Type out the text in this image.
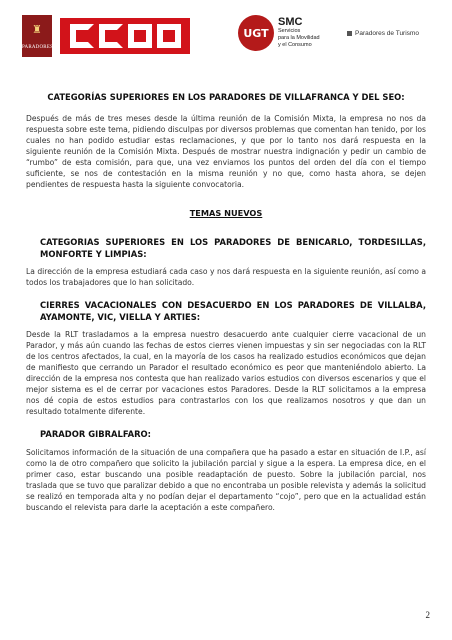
♜
PARADORES
UGT
SMC
Servicios
para la Movilidad
y el Consumo
Paradores de Turismo

CATEGORÍAS SUPERIORES EN LOS PARADORES DE VILLAFRANCA Y DEL SEO:

Después de más de tres meses desde la última reunión de la Comisión Mixta, la empresa no nos da respuesta sobre este tema, pidiendo disculpas por diversos problemas que comentan han tenido, por los cuales no han podido estudiar estas reclamaciones, y que por lo tanto nos dará respuesta en la siguiente reunión de la Comisión Mixta. Después de mostrar nuestra indignación y pedir un cambio de “rumbo” de esta comisión, para que, una vez enviamos los puntos del orden del día con el tiempo suficiente, se nos de contestación en la misma reunión y no que, como hasta ahora, se dejen pendientes de respuesta hasta la siguiente convocatoria.

TEMAS NUEVOS

CATEGORIAS SUPERIORES EN LOS PARADORES DE BENICARLO, TORDESILLAS, MONFORTE Y LIMPIAS:

La dirección de la empresa estudiará cada caso y nos dará respuesta en la siguiente reunión, así como a todos los trabajadores que lo han solicitado.

CIERRES VACACIONALES CON DESACUERDO EN LOS PARADORES DE VILLALBA, AYAMONTE, VIC, VIELLA Y ARTIES:

Desde la RLT trasladamos a la empresa nuestro desacuerdo ante cualquier cierre vacacional de un Parador, y más aún cuando las fechas de estos cierres vienen impuestas y sin ser negociadas con la RLT de los centros afectados, la cual, en la mayoría de los casos ha realizado estudios económicos que dejan de manifiesto que cerrando un Parador el resultado económico es peor que manteniéndolo abierto. La dirección de la empresa nos contesta que han realizado varios estudios con diversos escenarios y que el mejor sistema es el de cerrar por vacaciones estos Paradores. Desde la RLT solicitamos a la empresa nos dé copia de estos estudios para contrastarlos con los que realizamos nosotros y que dan un resultado totalmente diferente.

PARADOR GIBRALFARO:

Solicitamos información de la situación de una compañera que ha pasado a estar en situación de I.P., así como la de otro compañero que solicito la jubilación parcial y sigue a la espera. La empresa dice, en el primer caso, estar buscando una posible readaptación de puesto. Sobre la jubilación parcial, nos traslada que se tuvo que paralizar debido a que no encontraba un posible relevista y además la solicitud se realizó en temporada alta y no podían dejar el departamento “cojo”, pero que en la actualidad están buscando el relevista para darle la aceptación a este compañero.

2
